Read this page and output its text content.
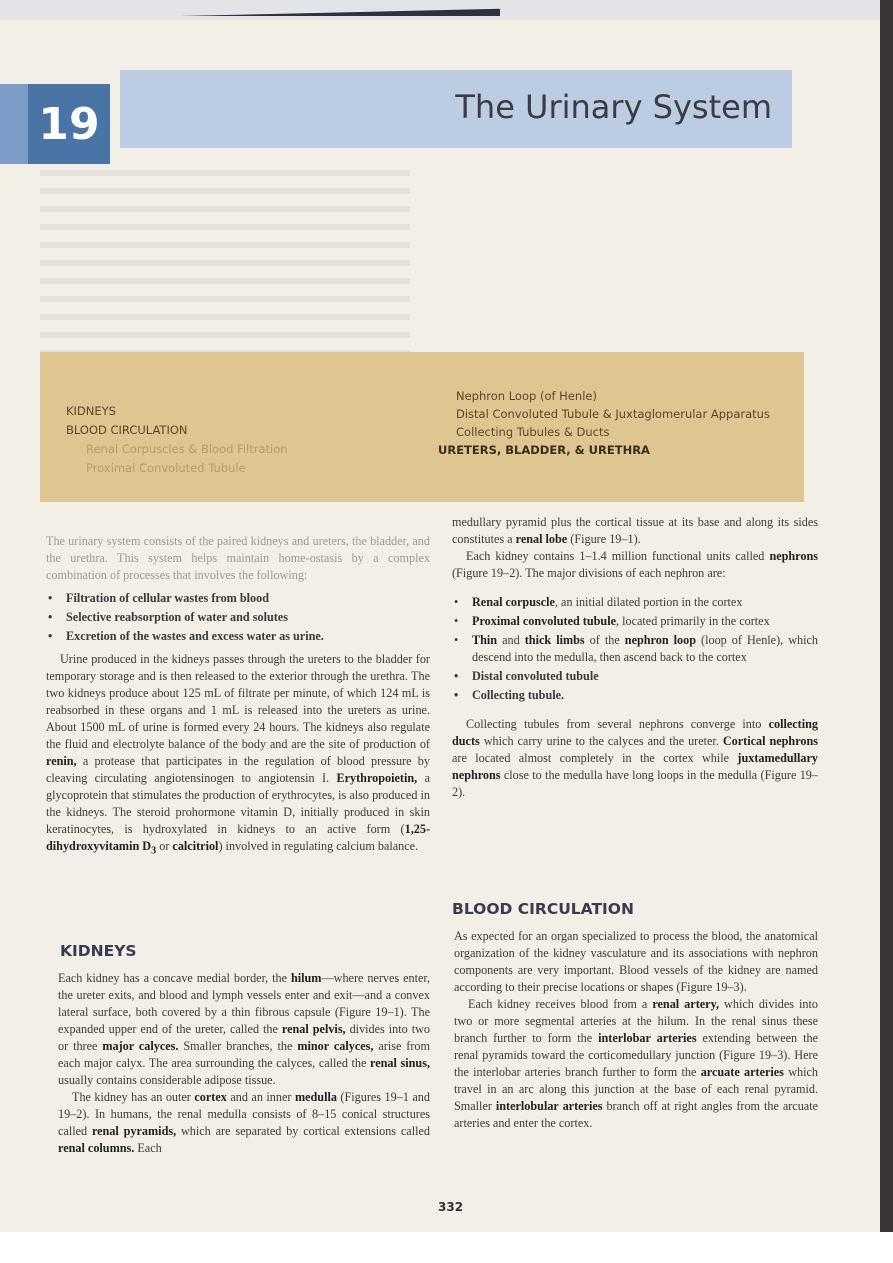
19	The Urinary System
KIDNEYS
BLOOD CIRCULATION
Renal Corpuscles & Blood Filtration
Proximal Convoluted Tubule
Nephron Loop (of Henle)
Distal Convoluted Tubule & Juxtaglomerular Apparatus
Collecting Tubules & Ducts
URETERS, BLADDER, & URETHRA

The urinary system consists of the paired kidneys and ureters, the bladder, and the urethra. This system helps maintain home-ostasis by a complex combination of processes that involves the following:

• Filtration of cellular wastes from blood
• Selective reabsorption of water and solutes
• Excretion of the wastes and excess water as urine.

Urine produced in the kidneys passes through the ureters to the bladder for temporary storage and is then released to the exterior through the urethra. The two kidneys produce about 125 mL of filtrate per minute, of which 124 mL is reabsorbed in these organs and 1 mL is released into the ureters as urine. About 1500 mL of urine is formed every 24 hours. The kidneys also regulate the fluid and electrolyte balance of the body and are the site of production of renin, a protease that participates in the regulation of blood pressure by cleaving circulating angiotensinogen to angiotensin I. Erythropoietin, a glycoprotein that stimulates the production of erythrocytes, is also produced in the kidneys. The steroid prohormone vitamin D, initially produced in skin keratinocytes, is hydroxylated in kidneys to an active form (1,25-dihydroxyvitamin $D_3$ or calcitriol) involved in regulating calcium balance.

KIDNEYS

Each kidney has a concave medial border, the hilum—where nerves enter, the ureter exits, and blood and lymph vessels enter and exit—and a convex lateral surface, both covered by a thin fibrous capsule (Figure 19–1). The expanded upper end of the ureter, called the renal pelvis, divides into two or three major calyces. Smaller branches, the minor calyces, arise from each major calyx. The area surrounding the calyces, called the renal sinus, usually contains considerable adipose tissue.

The kidney has an outer cortex and an inner medulla (Figures 19–1 and 19–2). In humans, the renal medulla consists of 8–15 conical structures called renal pyramids, which are separated by cortical extensions called renal columns. Each

medullary pyramid plus the cortical tissue at its base and along its sides constitutes a renal lobe (Figure 19–1).

Each kidney contains 1–1.4 million functional units called nephrons (Figure 19–2). The major divisions of each nephron are:

• Renal corpuscle, an initial dilated portion in the cortex
• Proximal convoluted tubule, located primarily in the cortex
• Thin and thick limbs of the nephron loop (loop of Henle), which descend into the medulla, then ascend back to the cortex
• Distal convoluted tubule
• Collecting tubule.

Collecting tubules from several nephrons converge into collecting ducts which carry urine to the calyces and the ureter. Cortical nephrons are located almost completely in the cortex while juxtamedullary nephrons close to the medulla have long loops in the medulla (Figure 19–2).

BLOOD CIRCULATION

As expected for an organ specialized to process the blood, the anatomical organization of the kidney vasculature and its associations with nephron components are very important. Blood vessels of the kidney are named according to their precise locations or shapes (Figure 19–3).

Each kidney receives blood from a renal artery, which divides into two or more segmental arteries at the hilum. In the renal sinus these branch further to form the interlobar arteries extending between the renal pyramids toward the corticomedullary junction (Figure 19–3). Here the interlobar arteries branch further to form the arcuate arteries which travel in an arc along this junction at the base of each renal pyramid. Smaller interlobular arteries branch off at right angles from the arcuate arteries and enter the cortex.

332
